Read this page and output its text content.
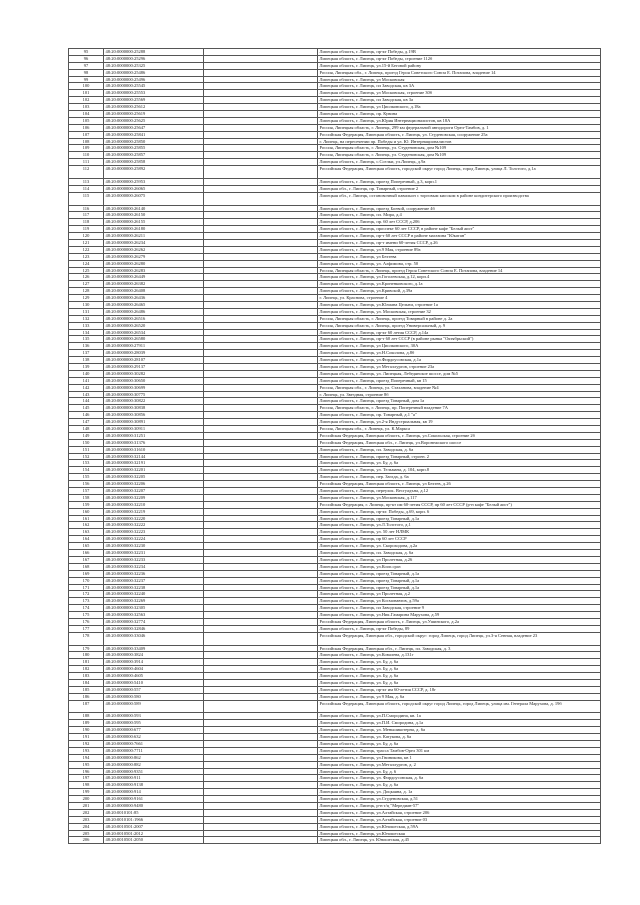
95	48:20:0000000:25288		Липецкая область, г. Липецк, пр-кт Победы, д.19В
96	48:20:0000000:25296		Липецкая область, г. Липецк, пр-кт Победы, строение 112б
97	48:20:0000000:25325		Липецкая область, г. Липецк, ул.15-й Беговой району
98	48:20:0000000:25486		Россия, Липецкая обл., г. Липецк, проезд Героя Советского Союза Е. Потапова, владение 14
99	48:20:0000000:25496		Липецкая область, г. Липецк, ул Московская
100	48:20:0000000:25545		Липецкая область, г. Липецк, пл Заводская, кв 3А
101	48:20:0000000:25553		Липецкая область, г. Липецк, ул Московская, строение 30б
102	48:20:0000000:25569		Липецкая область, г. Липецк, пл Заводская, кв 3а
103	48:20:0000000:25612		Липецкая область, г. Липецк, ул Циолковского, д.18а
104	48:20:0000000:25619		Липецкая область, г. Липецк, пр. Кувина
105	48:20:0000000:25625		Липецкая область, г. Липецк, ул.Юрия Интернационалистов, кв 18А
106	48:20:0000000:25647		Россия, Липецкая область, г. Липецк, 299 км федеральной автодороги Орел-Тамбов, д. 1
107	48:20:0000000:25841		Российская Федерация, Липецкая область, г. Липецк, ул. Студеновская, сооружение 25а
108	48:20:0000000:25850		г. Липецк, на пересечении пр. Победы и ул. Ю. Интернационалистов
109	48:20:0000000:25855		Россия, Липецкая область, г. Липецк, ул. Студеновская, дом №109
110	48:20:0000000:25857		Россия, Липецкая область, г. Липецк, ул. Студеновская, дом №109
111	48:20:0000000:25858		Липецкая область, г. Липецк, с.Сселки, ул.Липецк, д.9а
112	48:20:0000000:25892		Российская Федерация, Липецкая область, городской округ город Липецк, город Липецк, улица Л. Толстого, д.1а
113	48:20:0000000:25953		Липецкая область, г. Липецк, проезд Поперечный, д.3, корп.1
114	48:20:0000000:26065		Липецкая обл., г. Липецк, пр. Товарный, строение 2
115	48:20:0000000:26075		Липецкая обл., г. Липецк, остановочный павильон с торговым киоском в районе кондитерского производства
116	48:20:0000000:26140		Липецкая область, г. Липецк, проезд Боевой, сооружение 4б
117	48:20:0000000:26150		Липецкая область, г. Липецк, пл. Мира, д.4
118	48:20:0000000:26155		Липецкая область, г. Липецк, пр. 60 лет СССР, д.206
119	48:20:0000000:26180		Липецкая область, г. Липецк, проспект 60 лет СССР, в районе кафе "Белый аист"
120	48:20:0000000:26211		Липецкая область, г. Липецк, пр-т 60 лет СССР в районе магазина "Юкатан"
121	48:20:0000000:26234		Липецкая область, г. Липецк, пр-т имени 60-летия СССР, д.26
122	48:20:0000000:26262		Липецкая область, г. Липецк, ул.9 Мая, строение 89а
123	48:20:0000000:26279		Липецкая область, г. Липецк, ул Бехтева
124	48:20:0000000:26280		Липецкая область, г. Липецк, ул. Алфимова, стр. 50
125	48:20:0000000:26283		Россия, Липецкая область, г. Липецк, проезд Героя Советского Союза Е. Потапова, владение 14
126	48:20:0000000:26449		Липецкая область, г. Липецк, ул.Гоголевская, д.12, корп.4
127	48:20:0000000:26382		Липецкая область, г. Липецк, ул.Кроненковского, д.1а
128	48:20:0000000:26408		Липецкая область, г. Липецк, ул.Кривской, д.39а
129	48:20:0000000:26436		г. Липецк, ул. Краснова, строение 4
130	48:20:0000000:26465		Липецкая область, г. Липецк, ул.Юлиана Цельни, строение 1а
131	48:20:0000000:26486		Липецкая область, г. Липецк, ул. Московская, строение 32
132	48:20:0000000:26516		Россия, Липецкая область, г. Липецк, проезд Товарный в районе д. 2а
133	48:20:0000000:26520		Россия, Липецкая область, г. Липецк, проезд Универсальный, д. 9
134	48:20:0000000:26534		Липецкая область, г. Липецк, пр-кт 60 летия СССР, д.14а
135	48:20:0000000:26580		Липецкая область, г. Липецк, пр-т 60 лет СССР (в районе рынка "Октябрьский")
136	48:20:0000000:27911		Липецкая область, г. Липецк, ул Циолковского, 30А
137	48:20:0000000:28039		Липецкая область, г. Липецк, ул.Н.Соколова, д.8б
138	48:20:0000000:28107		Липецкая область, г. Липецк, ул.Фирдоусовская, д.1а
139	48:20:0000000:29137		Липецкая область, г. Липецк, ул Металлургов, строение 23а
140	48:20:0000000:30282		Липецкая область, г. Липецк, ул. Липецкая, Лебедянское шоссе, дом №5
141	48:20:0000000:30650		Липецкая область, г. Липецк, проезд Поперечный, кв 15
142	48:20:0000000:30699		Россия, Липецкая обл., г. Липецк, ул. Стаханова, владение №4
143	48:20:0000000:30775		г. Липецк, ул. Звездная, строение 8б
144	48:20:0000000:30822		Липецкая область, г. Липецк, проезд Товарный, дом 1а
145	48:20:0000000:30838		Россия, Липецкая область, г. Липецк, пр. Поперечный владение 7А
146	48:20:0000000:30856		Липецкая область, г. Липецк, пр. Товарный, д.1 "а"
147	48:20:0000000:30891		Липецкая область, г. Липецк, ул.2-я Индустриальная, кв 19
148	48:20:0000000:30911		Россия, Липецкая обл., г. Липецк, ул. К.Маркса
149	48:20:0000000:31251		Российская Федерация, Липецкая область, г. Липецк, ул.Сокольская, строение 2б
150	48:20:0000000:31376		Российская Федерация, Липецкая обл., г. Липецк, ул.Воронежского шоссе
151	48:20:0000000:31610		Липецкая область, г. Липецк, пл. Заводская, д. 6а
152	48:20:0000000:32144		Липецкая область, г. Липецк, проезд Товарный, строен. 2
153	48:20:0000000:32191		Липецкая область, г. Липецк, ул. Бу, д. 6а
154	48:20:0000000:32201		Липецкая область, г. Липецк, ул. Тельмана, д. 104, корп.8
155	48:20:0000000:32205		Липецкая область, г. Липецк, пер. Заглда, д. 6а
156	48:20:0000000:32206		Российская Федерация, Липецкая область, г. Липецк, ул Бехтев, д.26
157	48:20:0000000:32207		Липецкая область, г. Липецк, переулок. Весгуадъна, д.12
158	48:20:0000000:32209		Липецкая область, г. Липецк, ул.Московская, д.117
159	48:20:0000000:32210		Российская Федерация, г. Липецк, пр-кт им 60-летия СССР, пр 60 лет СССР (р-н кафе "Белый аист")
160	48:20:0000000:32219		Липецкая область, г. Липецк, пр-кт. Победы, д.69, корп. 6
161	48:20:0000000:32220		Липецкая область, г. Липецк, проезд Товарный, д.1а
162	48:20:0000000:32222		Липецкая область, г. Липецк, ул.Л.Толстого, д.1
163	48:20:0000000:32223		Липецкая область, г. Липецк, ул. 50 лет НЛМК
164	48:20:0000000:32224		Липецкая область, г. Липецк, пр 60 лет СССР
165	48:20:0000000:32230		Липецкая область, г. Липецк, ул. Скороходова, д.2а
166	48:20:0000000:32231		Липецкая область, г. Липецк, пл. Заводская, д. 6а
167	48:20:0000000:32233		Липецкая область, г. Липецк, ул Пролетная, д.26
168	48:20:0000000:32234		Липецкая область, г. Липецк, ул.Кооп.сраз
169	48:20:0000000:32236		Липецкая область, г. Липецк, проезд Товарный, д.1а
170	48:20:0000000:32237		Липецкая область, г. Липецк, проезд Товарный, д.1а
171	48:20:0000000:32238		Липецкая область, г. Липецк, проезд Товарный, д.1а
172	48:20:0000000:32240		Липецкая область, г. Липецк, ул Пролетная, д.2
173	48:20:0000000:32269		Липецкая область, г. Липецк, ул Космонавтов, д.59а
174	48:20:0000000:32305		Липецкая область, г. Липецк, пл Заводская, строение 9
175	48:20:0000000:32563		Липецкая область, г. Липецк, ул.Ник.Гамарина Марухова, д.59
176	48:20:0000000:32774		Российская Федерация, Липецкая область, г. Липецк, ул.Ушинского, д.2а
177	48:20:0000000:32846		Липецкая область, г. Липецк, пр-кт Победы, 89
178	48:20:0000000:33046		Российская Федерация, Липецкая обл., городской округ: город Липецк, город Липецк, ул.3-я Сенная, владение 23
179	48:20:0000000:33409		Российская Федерация, Липецкая обл., г. Липецк, пл. Заводская, д. 3
180	48:20:0000000:3824		Липецкая область, г. Липецк, ул.Ковалева, д.131г
181	48:20:0000000:3914		Липецкая область, г. Липецк, ул. Бу, д. 6а
182	48:20:0000000:4604		Липецкая область, г. Липецк, ул. Бу, д. 6а
183	48:20:0000000:4605		Липецкая область, г. Липецк, ул. Бу, д. 6а
184	48:20:0000000:5410		Липецкая область, г. Липецк, ул. Бу, д. 6а
185	48:20:0000000:557		Липецкая область, г. Липецк, пр-кт им 60-летия СССР, д. 18г
186	48:20:0000000:580		Липецкая область, г. Липецк, ул 9 Мая, д. 6а
187	48:20:0000000:589		Российская Федерация, Липецкая область, городской округ город Липецк, город Липецк, улица им. Генерала Марухова, д. 19б
188	48:20:0000000:593		Липецкая область, г. Липецк, ул.П.Смородина, кв. 1а
189	48:20:0000000:595		Липецкая область, г. Липецк, ул.П.И. Смородина, д.1а
190	48:20:0000000:677		Липецкая область, г. Липецк, ул. Меньшикотерна, д. 6а
191	48:20:0000000:632		Липецкая область, г. Липецк, ул. Катукова, д. 6а
192	48:20:0000000:7661		Липецкая область, г. Липецк, ул. Бу, д. 6а
193	48:20:0000000:7711		Липецкая область, г. Липецк, трасса Тамбов-Орел 301 км
194	48:20:0000000:862		Липецкая область, г. Липецк, ул.Гвиникова, кв 1
195	48:20:0000000:882		Липецкая область, г. Липецк, ул.Металлургов, д. 2
196	48:20:0000000:9351		Липецкая область, г. Липецк, ул. Бу, д. 6
197	48:20:0000000:911		Липецкая область, г. Липецк, ул. Фирдоусовская, д. 6а
198	48:20:0000000:9138		Липецкая область, г. Липецк, ул. Бу, д. 6а
199	48:20:0000000:914		Липецкая область, г. Липецк, ул. Доцкаяна, д. 1а
200	48:20:0000000:9161		Липецкая область, г. Липецк, ул.Студеновская, д.51
201	48:20:0000000:9480		Липецкая область, г. Липецк, р-н т/ц "Мередиан-57"
202	48:20:0010101:85		Липецкая область, г. Липецк, ул.Алтайская, строение 206
203	48:20:0010101:1966		Липецкая область, г. Липецк, ул.Алтайская, строение 03
204	48:20:0010501:2007		Липецкая область, г. Липецк, ул.Юношеская, д.59А
205	48:20:0010501:2012		Липецкая область, г. Липецк, ул.Юношеская
206	48:20:0010501:2050		Липецкая обл., г. Липецк, ул. Юношеская, д.45
